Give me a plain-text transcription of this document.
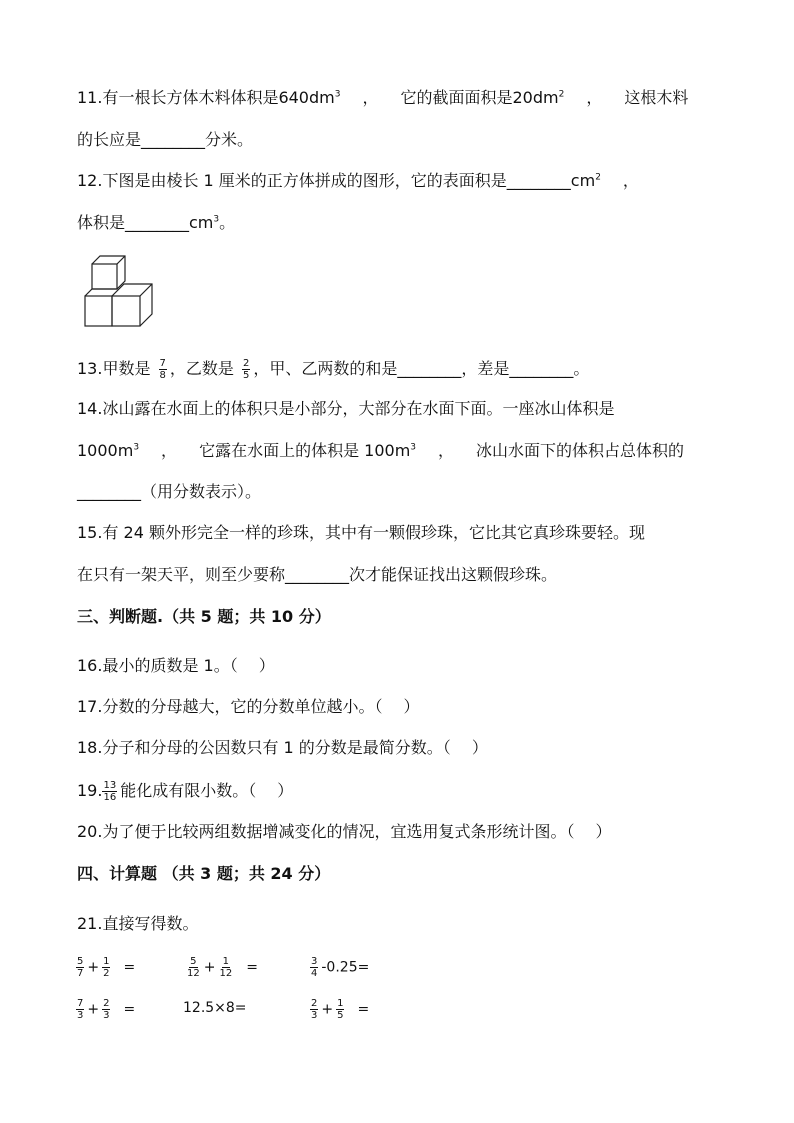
11.有一根长方体木料体积是$640dm^3$ ， 它的截面面积是$20dm^2$ ， 这根木料
的长应是________分米。
12.下图是由棱长 1 厘米的正方体拼成的图形，它的表面积是$\_\_\_\_\_\_\_\_cm^2$ ，
体积是$\_\_\_\_\_\_\_\_cm^3$。
13.甲数是 $\frac{7}{8}$ ，乙数是 $\frac{2}{5}$ ，甲、乙两数的和是________，差是________。
14.冰山露在水面上的体积只是小部分，大部分在水面下面。一座冰山体积是
$1000m^3$ ， 它露在水面上的体积是 $100m^3$ ， 冰山水面下的体积占总体积的
________（用分数表示）。
15.有 24 颗外形完全一样的珍珠，其中有一颗假珍珠，它比其它真珍珠要轻。现
在只有一架天平，则至少要称________次才能保证找出这颗假珍珠。
三、判断题.（共 5 题；共 10 分）
16.最小的质数是 1。（　 ）
17.分数的分母越大，它的分数单位越小。（　 ）
18.分子和分母的公因数只有 1 的分数是最简分数。（　 ）
19. $\frac{13}{16}$ 能化成有限小数。（　 ）
20.为了便于比较两组数据增减变化的情况，宜选用复式条形统计图。（　 ）
四、计算题 （共 3 题；共 24 分）
21.直接写得数。
$\frac{5}{7} + \frac{1}{2}$ =	$\frac{5}{12} + \frac{1}{12}$ =	$\frac{3}{4} -0.25=$
$\frac{7}{3} + \frac{2}{3}$ =	12.5×8=	$\frac{2}{3} + \frac{1}{5}$ =
